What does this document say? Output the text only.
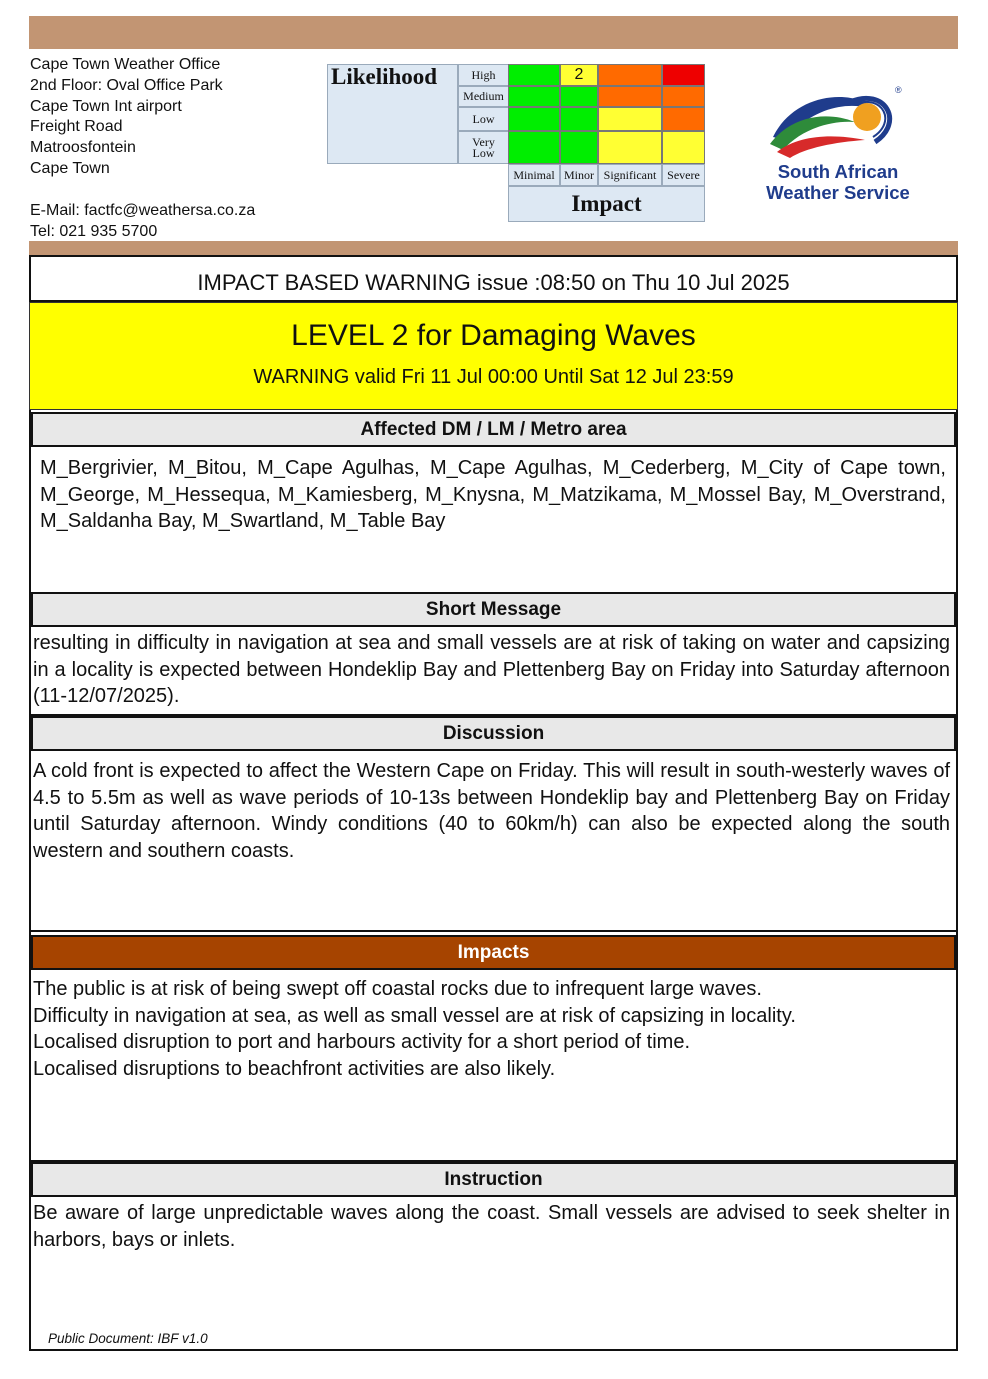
Cape Town Weather Office
2nd Floor: Oval Office Park
Cape Town Int airport
Freight Road
Matroosfontein
Cape Town
E-Mail: factfc@weathersa.co.za
Tel: 021 935 5700
Likelihood	High
Medium
Low
Very Low
2
Minimal Minor Significant Severe
Impact
®
South African
Weather Service
IMPACT BASED WARNING issue :08:50 on Thu 10 Jul 2025
LEVEL 2 for Damaging Waves
WARNING valid Fri 11 Jul 00:00 Until Sat 12 Jul 23:59
Affected DM / LM / Metro area
M_Bergrivier, M_Bitou, M_Cape Agulhas, M_Cape Agulhas, M_Cederberg, M_City of Cape town, M_George, M_Hessequa, M_Kamiesberg, M_Knysna, M_Matzikama, M_Mossel Bay, M_Overstrand, M_Saldanha Bay, M_Swartland, M_Table Bay
Short Message
resulting in difficulty in navigation at sea and small vessels are at risk of taking on water and capsizing in a locality is expected between Hondeklip Bay and Plettenberg Bay on Friday into Saturday afternoon (11-12/07/2025).
Discussion
A cold front is expected to affect the Western Cape on Friday. This will result in south-westerly waves of 4.5 to 5.5m as well as wave periods of 10-13s between Hondeklip bay and Plettenberg Bay on Friday until Saturday afternoon. Windy conditions (40 to 60km/h) can also be expected along the south western and southern coasts.
Impacts
The public is at risk of being swept off coastal rocks due to infrequent large waves.
Difficulty in navigation at sea, as well as small vessel are at risk of capsizing in locality.
Localised disruption to port and harbours activity for a short period of time.
Localised disruptions to beachfront activities are also likely.
Instruction
Be aware of large unpredictable waves along the coast. Small vessels are advised to seek shelter in harbors, bays or inlets.
Public Document: IBF v1.0
